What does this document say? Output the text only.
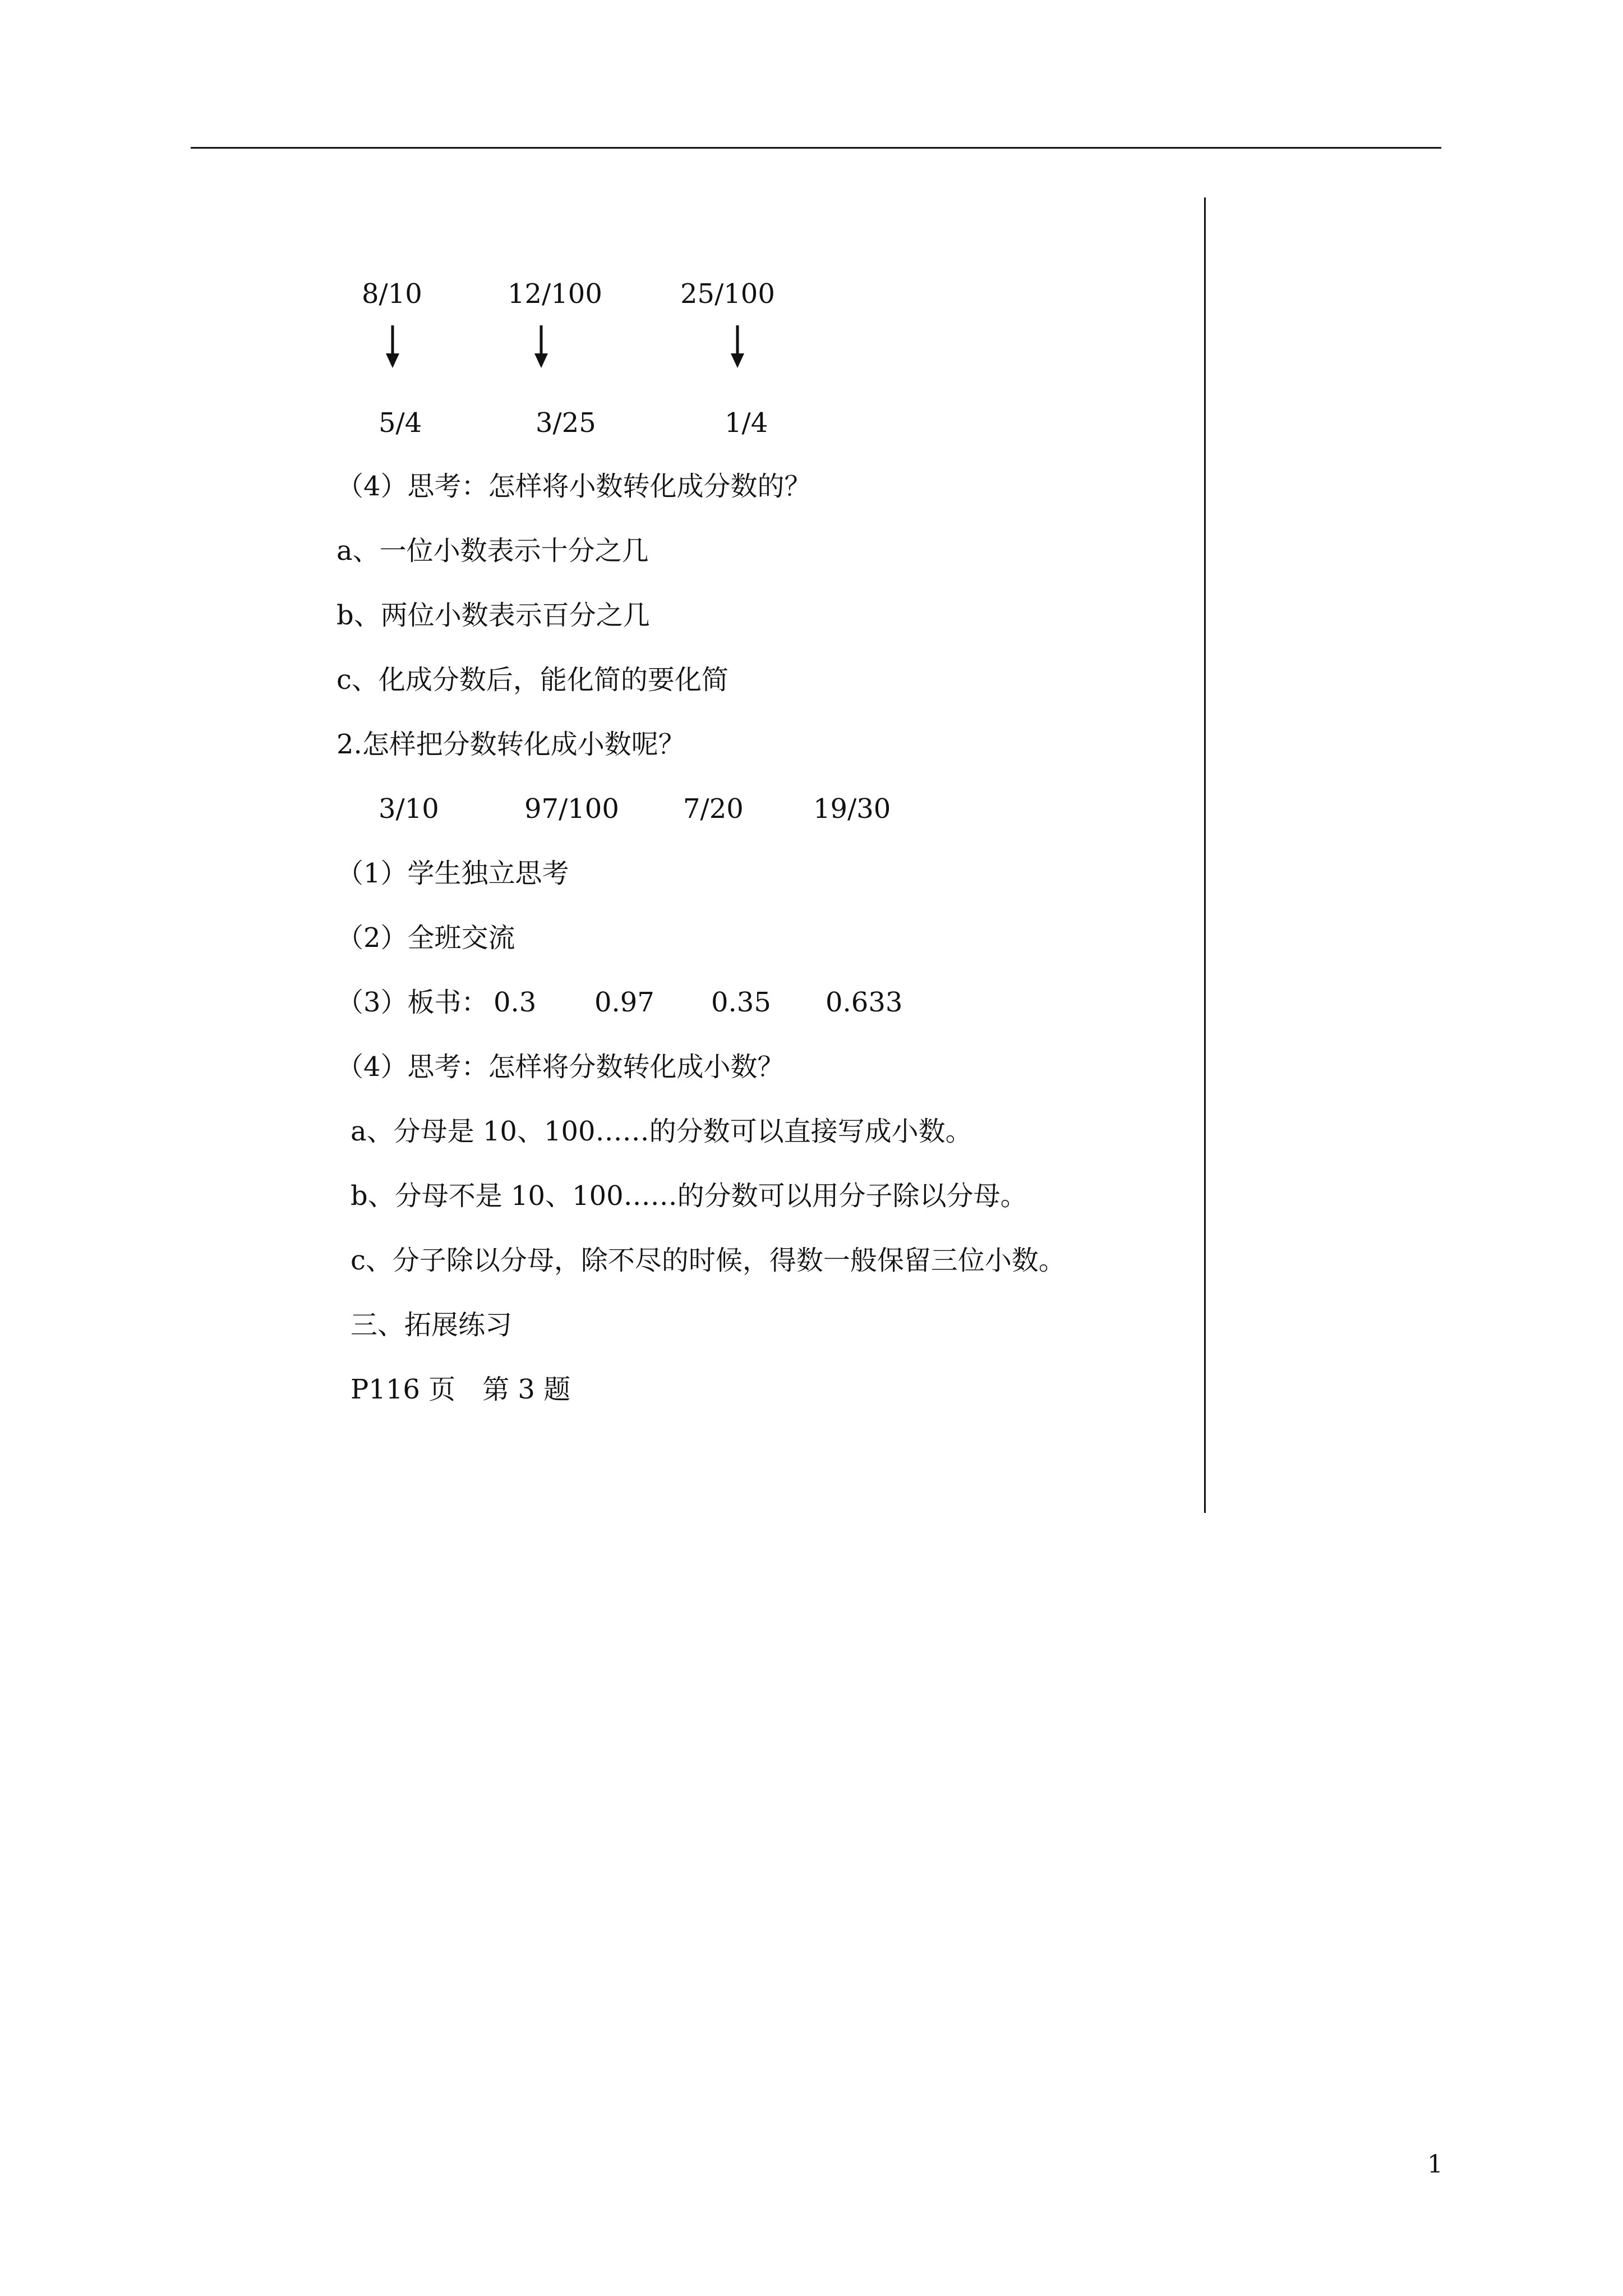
8/10	12/100	25/100
5/4	3/25	1/4
（4）思考：怎样将小数转化成分数的？
a、一位小数表示十分之几
b、两位小数表示百分之几
c、化成分数后，能化简的要化简
2.怎样把分数转化成小数呢？
3/10	97/100 7/20	19/30
（1）学生独立思考
（2）全班交流
（3）板书： 0.3 0.97 0.35 0.633
（4）思考：怎样将分数转化成小数？
a、分母是 10、100……的分数可以直接写成小数。
b、分母不是 10、100……的分数可以用分子除以分母。
c、分子除以分母，除不尽的时候，得数一般保留三位小数。
三、拓展练习
P116 页　第 3 题
1
